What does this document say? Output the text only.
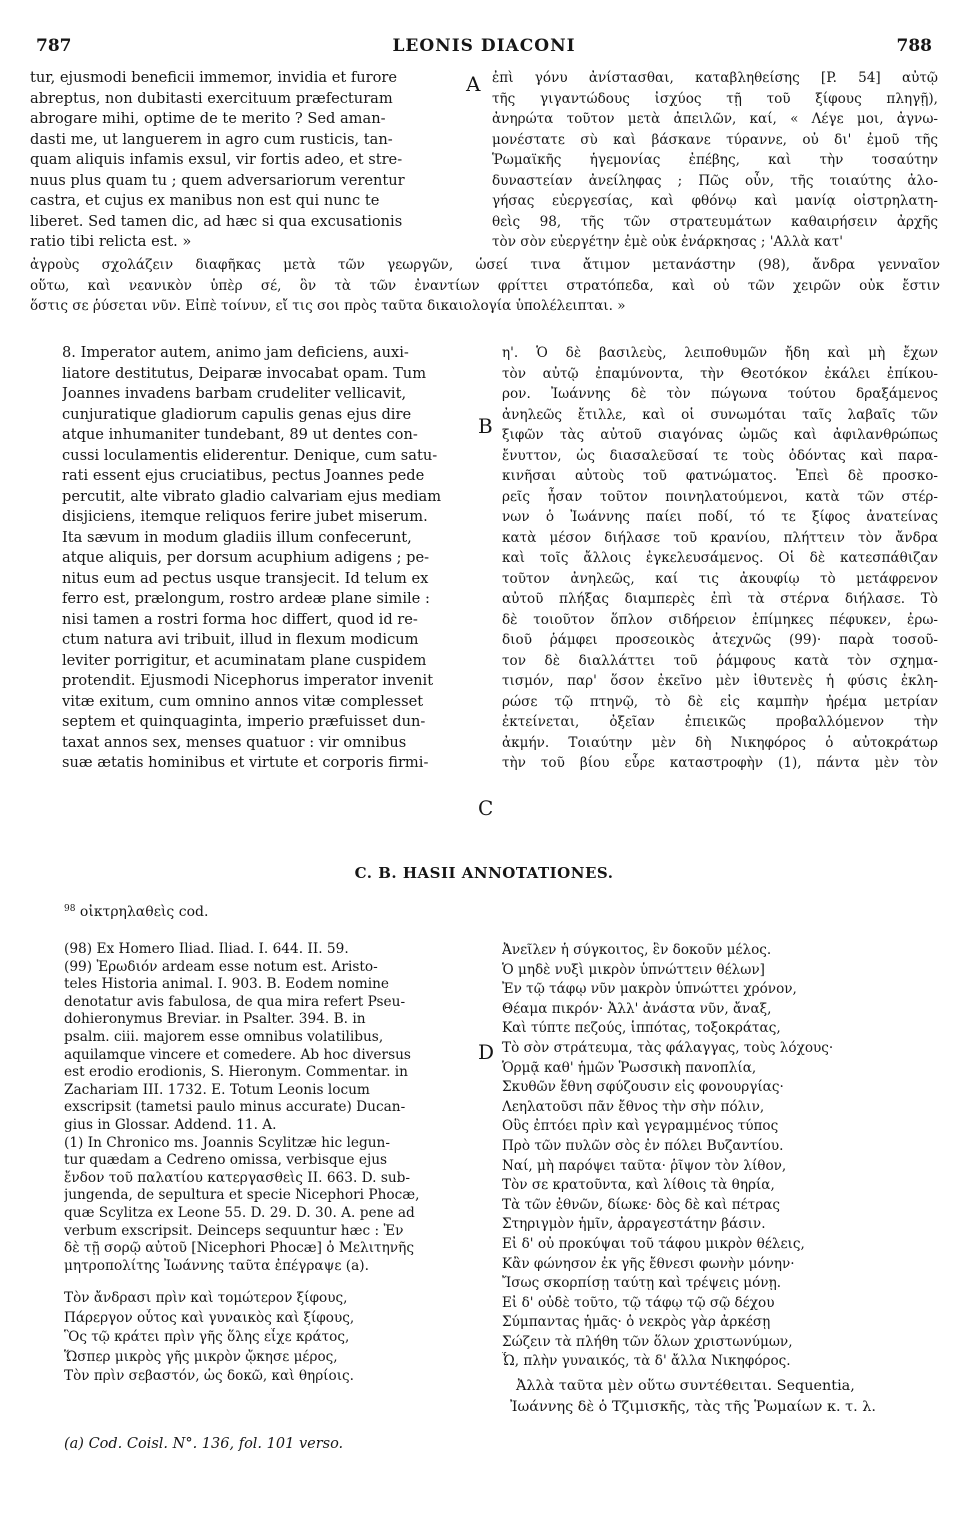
787	LEONIS DIACONI	788
A
B
C
D
tur, ejusmodi beneficii immemor, invidia et furore
abreptus, non dubitasti exercituum præfecturam
abrogare mihi, optime de te merito ? Sed aman-
dasti me, ut languerem in agro cum rusticis, tan-
quam aliquis infamis exsul, vir fortis adeo, et stre-
nuus plus quam tu ; quem adversariorum verentur
castra, et cujus ex manibus non est qui nunc te
liberet. Sed tamen dic, ad hæc si qua excusationis
ratio tibi relicta est. »
ἐπὶ γόνυ ἀνίστασθαι, καταβληθείσης [P. 54] αὐτῷ
τῆς γιγαντώδους ἰσχύος τῇ τοῦ ξίφους πληγῇ),
ἀνηρώτα τοῦτον μετὰ ἀπειλῶν, καί, « Λέγε μοι, ἀγνω-
μονέστατε σὺ καὶ βάσκανε τύραννε, οὐ δι' ἐμοῦ τῆς
Ῥωμαϊκῆς ἡγεμονίας ἐπέβης, καὶ τὴν τοσαύτην
δυναστείαν ἀνείληφας ; Πῶς οὖν, τῆς τοιαύτης ἀλο-
γήσας εὐεργεσίας, καὶ φθόνῳ καὶ μανίᾳ οἰστρηλατη-
θεὶς 98, τῆς τῶν στρατευμάτων καθαιρήσειν ἀρχῆς
τὸν σὸν εὐεργέτην ἐμὲ οὐκ ἐνάρκησας ; 'Αλλὰ κατ'
ἀγροὺς σχολάζειν διαφῆκας μετὰ τῶν γεωργῶν, ὡσεί τινα ἄτιμον μετανάστην (98), ἄνδρα γενναῖον
οὕτω, καὶ νεανικὸν ὑπὲρ σέ, ὃν τὰ τῶν ἐναντίων φρίττει στρατόπεδα, καὶ οὐ τῶν χειρῶν οὐκ ἔστιν
ὅστις σε ῥύσεται νῦν. Εἰπὲ τοίνυν, εἴ τις σοι πρὸς ταῦτα δικαιολογία ὑπολέλειπται. »
8. Imperator autem, animo jam deficiens, auxi-
liatore destitutus, Deiparæ invocabat opam. Tum
Joannes invadens barbam crudeliter vellicavit,
cunjuratique gladiorum capulis genas ejus dire
atque inhumaniter tundebant, 89 ut dentes con-
cussi loculamentis eliderentur. Denique, cum satu-
rati essent ejus cruciatibus, pectus Joannes pede
percutit, alte vibrato gladio calvariam ejus mediam
disjiciens, itemque reliquos ferire jubet miserum.
Ita sævum in modum gladiis illum confecerunt,
atque aliquis, per dorsum acuphium adigens ; pe-
nitus eum ad pectus usque transjecit. Id telum ex
ferro est, prælongum, rostro ardeæ plane simile :
nisi tamen a rostri forma hoc differt, quod id re-
ctum natura avi tribuit, illud in flexum modicum
leviter porrigitur, et acuminatam plane cuspidem
protendit. Ejusmodi Nicephorus imperator invenit
vitæ exitum, cum omnino annos vitæ complesset
septem et quinquaginta, imperio præfuisset dun-
taxat annos sex, menses quatuor : vir omnibus
suæ ætatis hominibus et virtute et corporis firmi-
η'. Ὁ δὲ βασιλεὺς, λειποθυμῶν ἤδη καὶ μὴ ἔχων
τὸν αὐτῷ ἐπαμύνοντα, τὴν Θεοτόκον ἐκάλει ἐπίκου-
ρον. Ἰωάννης δὲ τὸν πώγωνα τούτου δραξάμενος
ἀνηλεῶς ἔτιλλε, καὶ οἱ συνωμόται ταῖς λαβαῖς τῶν
ξιφῶν τὰς αὐτοῦ σιαγόνας ὠμῶς καὶ ἀφιλανθρώπως
ἔνυττον, ὡς διασαλεῦσαί τε τοὺς ὀδόντας καὶ παρα-
κινῆσαι αὐτοὺς τοῦ φατνώματος. Ἐπεὶ δὲ προσκο-
ρεῖς ἦσαν τοῦτον ποινηλατούμενοι, κατὰ τῶν στέρ-
νων ὁ Ἰωάννης παίει ποδί, τό τε ξίφος ἀνατείνας
κατὰ μέσον διήλασε τοῦ κρανίου, πλήττειν τὸν ἄνδρα
καὶ τοῖς ἄλλοις ἐγκελευσάμενος. Οἱ δὲ κατεσπάθιζαν
τοῦτον ἀνηλεῶς, καί τις ἀκουφίῳ τὸ μετάφρενον
αὐτοῦ πλήξας διαμπερὲς ἐπὶ τὰ στέρνα διήλασε. Τὸ
δὲ τοιοῦτον ὅπλον σιδήρειον ἐπίμηκες πέφυκεν, ἐρω-
διοῦ ῥάμφει προσεοικὸς ἀτεχνῶς (99)· παρὰ τοσοῦ-
τον δὲ διαλλάττει τοῦ ῥάμφους κατὰ τὸν σχημα-
τισμόν, παρ' ὅσον ἐκεῖνο μὲν ἰθυτενὲς ἡ φύσις ἐκλη-
ρώσε τῷ πτηνῷ, τὸ δὲ εἰς καμπὴν ἠρέμα μετρίαν
ἐκτείνεται, ὀξεῖαν ἐπιεικῶς προβαλλόμενον τὴν
ἀκμήν. Τοιαύτην μὲν δὴ Νικηφόρος ὁ αὐτοκράτωρ
τὴν τοῦ βίου εὗρε καταστροφὴν (1), πάντα μὲν τὸν
C. B. HASII ANNOTATIONES.
$^{98}$ οἰκτρηλαθεὶς cod.
(98) Ex Homero Iliad. Iliad. I. 644. II. 59.
(99) Ἐρωδιόν ardeam esse notum est. Aristo-
teles Historia animal. I. 903. B. Eodem nomine
denotatur avis fabulosa, de qua mira refert Pseu-
dohieronymus Breviar. in Psalter. 394. B. in
psalm. ciii. majorem esse omnibus volatilibus,
aquilamque vincere et comedere. Ab hoc diversus
est erodio erodionis, S. Hieronym. Commentar. in
Zachariam III. 1732. E. Totum Leonis locum
exscripsit (tametsi paulo minus accurate) Ducan-
gius in Glossar. Addend. 11. A.
(1) In Chronico ms. Joannis Scylitzæ hic legun-
tur quædam a Cedreno omissa, verbisque ejus
ἔνδον τοῦ παλατίου κατεργασθεὶς II. 663. D. sub-
jungenda, de sepultura et specie Nicephori Phocæ,
quæ Scylitza ex Leone 55. D. 29. D. 30. A. pene ad
verbum exscripsit. Deinceps sequuntur hæc : Ἐν
δὲ τῇ σορῷ αὐτοῦ [Nicephori Phocæ] ὁ Μελιτηνῆς
μητροπολίτης Ἰωάννης ταῦτα ἐπέγραψε (a).
Τὸν ἄνδρασι πρὶν καὶ τομώτερον ξίφους,
Πάρεργον οὗτος καὶ γυναικὸς καὶ ξίφους,
Ὃς τῷ κράτει πρὶν γῆς ὅλης εἶχε κράτος,
Ὥσπερ μικρὸς γῆς μικρὸν ᾤκησε μέρος,
Τὸν πρὶν σεβαστόν, ὡς δοκῶ, καὶ θηρίοις.
(a) Cod. Coisl. N°. 136, fol. 101 verso.
Ἀνεῖλεν ἡ σύγκοιτος, ἓν δοκοῦν μέλος.
Ὁ μηδὲ νυξὶ μικρὸν ὑπνώττειν θέλων]
Ἐν τῷ τάφῳ νῦν μακρὸν ὑπνώττει χρόνον,
Θέαμα πικρόν· Ἀλλ' ἀνάστα νῦν, ἄναξ,
Καὶ τύπτε πεζούς, ἱππότας, τοξοκράτας,
Τὸ σὸν στράτευμα, τὰς φάλαγγας, τοὺς λόχους·
Ὁρμᾷ καθ' ἡμῶν Ῥωσσικὴ πανοπλία,
Σκυθῶν ἔθνη σφύζουσιν εἰς φονουργίας·
Λεηλατοῦσι πᾶν ἔθνος τὴν σὴν πόλιν,
Οὓς ἐπτόει πρὶν καὶ γεγραμμένος τύπος
Πρὸ τῶν πυλῶν σὸς ἐν πόλει Βυζαντίου.
Ναί, μὴ παρόψει ταῦτα· ῥῖψον τὸν λίθον,
Τὸν σε κρατοῦντα, καὶ λίθοις τὰ θηρία,
Τὰ τῶν ἐθνῶν, δίωκε· δὸς δὲ καὶ πέτρας
Στηριγμὸν ἡμῖν, ἀρραγεστάτην βάσιν.
Εἰ δ' οὐ προκύψαι τοῦ τάφου μικρὸν θέλεις,
Κἂν φώνησον ἐκ γῆς ἔθνεσι φωνὴν μόνην·
Ἴσως σκορπίσῃ ταύτῃ καὶ τρέψεις μόνῃ.
Εἰ δ' οὐδὲ τοῦτο, τῷ τάφῳ τῷ σῷ δέχου
Σύμπαντας ἡμᾶς· ὁ νεκρὸς γὰρ ἀρκέσῃ
Σώζειν τὰ πλήθη τῶν ὅλων χριστωνύμων,
Ὦ, πλὴν γυναικός, τὰ δ' ἄλλα Νικηφόρος.
Ἀλλὰ ταῦτα μὲν οὕτω συντέθειται. Sequentia,
Ἰωάννης δὲ ὁ Τζιμισκῆς, τὰς τῆς Ῥωμαίων κ. τ. λ.
